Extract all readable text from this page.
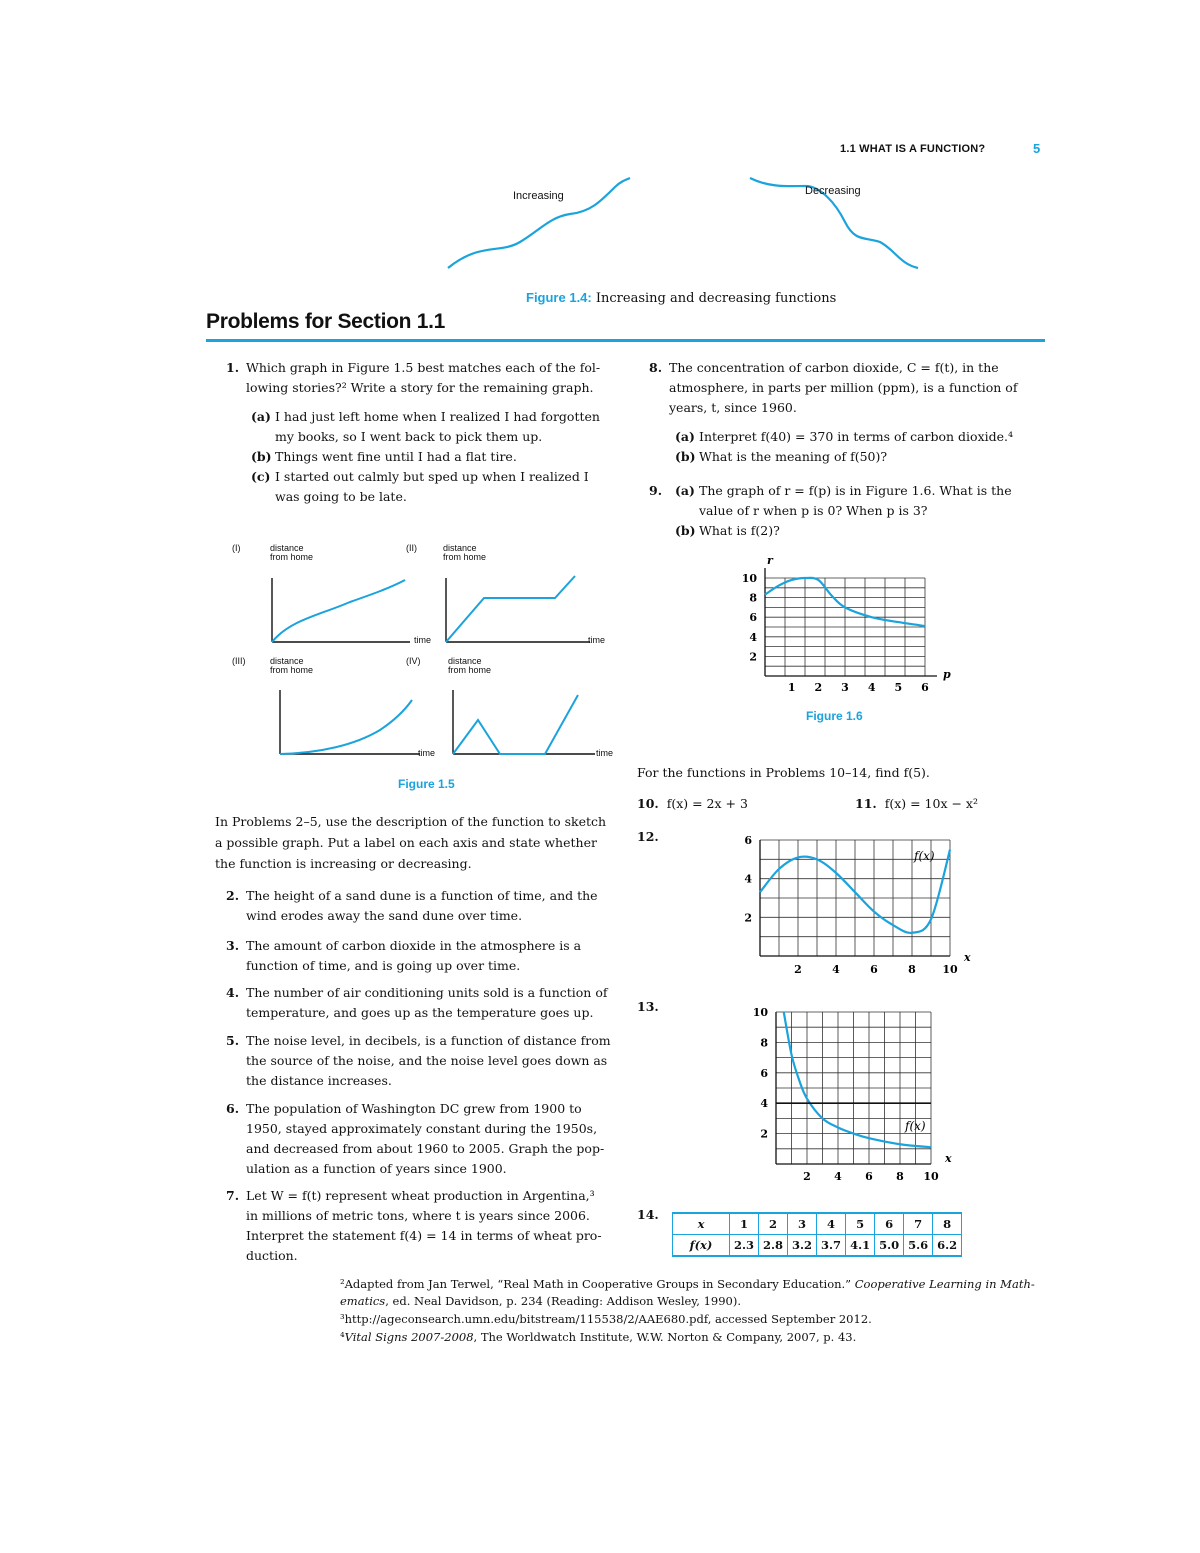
1.1 WHAT IS A FUNCTION?	5
Increasing	Decreasing
Figure 1.4: Increasing and decreasing functions
Problems for Section 1.1
1. Which graph in Figure 1.5 best matches each of the fol-
lowing stories?² Write a story for the remaining graph.
(a) I had just left home when I realized I had forgotten
my books, so I went back to pick them up.
(b) Things went fine until I had a flat tire.
(c) I started out calmly but sped up when I realized I
was going to be late.
(I)	distance
from home
time
(II)	distance
from home
time
(III)	distance
from home
time
(IV)	distance
from home
time
Figure 1.5
In Problems 2–5, use the description of the function to sketch
a possible graph. Put a label on each axis and state whether
the function is increasing or decreasing.
2. The height of a sand dune is a function of time, and the
wind erodes away the sand dune over time.
3. The amount of carbon dioxide in the atmosphere is a
function of time, and is going up over time.
4. The number of air conditioning units sold is a function of
temperature, and goes up as the temperature goes up.
5. The noise level, in decibels, is a function of distance from
the source of the noise, and the noise level goes down as
the distance increases.
6. The population of Washington DC grew from 1900 to
1950, stayed approximately constant during the 1950s,
and decreased from about 1960 to 2005. Graph the pop-
ulation as a function of years since 1900.
7. Let W = f(t) represent wheat production in Argentina,³
in millions of metric tons, where t is years since 2006.
Interpret the statement f(4) = 14 in terms of wheat pro-
duction.
8. The concentration of carbon dioxide, C = f(t), in the
atmosphere, in parts per million (ppm), is a function of
years, t, since 1960.
(a) Interpret f(40) = 370 in terms of carbon dioxide.⁴
(b) What is the meaning of f(50)?
9. (a) The graph of r = f(p) is in Figure 1.6. What is the
value of r when p is 0? When p is 3?
(b) What is f(2)?
10
8
6
4
2
1 2 3 4 5 6
r
p
Figure 1.6
For the functions in Problems 10–14, find f(5).
10. f(x) = 2x + 3	11. f(x) = 10x − x²
12.	6
4
2
2	4	6	8 10
f(x)
x
13.	10
8
6
4
2
2 4 6 8 10
f(x)
x
14.
x	1	2	3	4	5	6	7	8
f(x)	2.3	2.8	3.2	3.7	4.1	5.0	5.6	6.2
²Adapted from Jan Terwel, “Real Math in Cooperative Groups in Secondary Education.” Cooperative Learning in Math-
ematics, ed. Neal Davidson, p. 234 (Reading: Addison Wesley, 1990).
³http://ageconsearch.umn.edu/bitstream/115538/2/AAE680.pdf, accessed September 2012.
⁴Vital Signs 2007-2008, The Worldwatch Institute, W.W. Norton & Company, 2007, p. 43.
